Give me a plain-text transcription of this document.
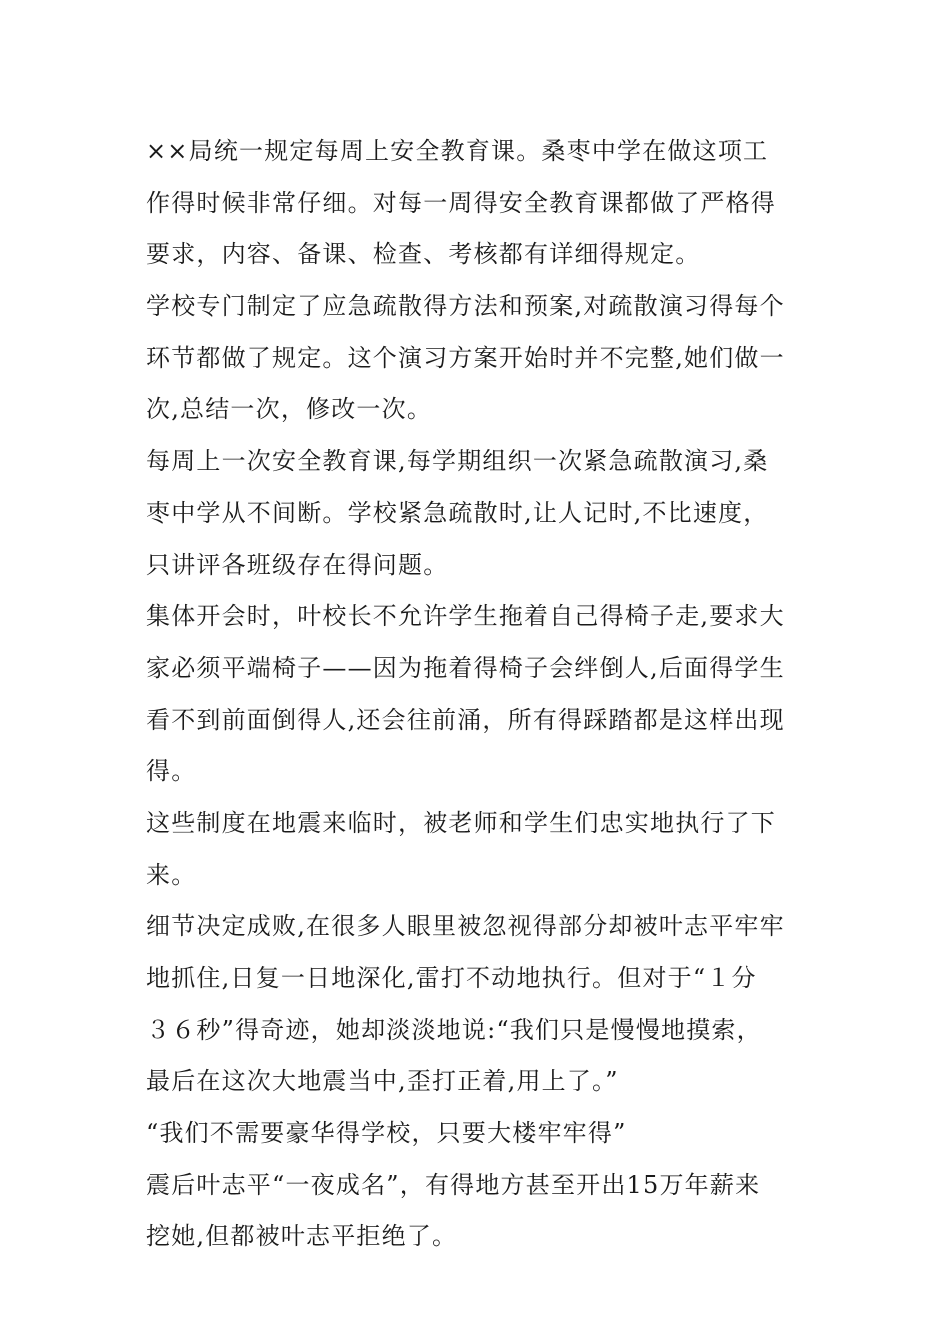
××局统一规定每周上安全教育课。桑枣中学在做这项工
作得时候非常仔细。对每一周得安全教育课都做了严格得
要求，内容、备课、检查、考核都有详细得规定。

学校专门制定了应急疏散得方法和预案,对疏散演习得每个
环节都做了规定。这个演习方案开始时并不完整,她们做一
次,总结一次，修改一次。

每周上一次安全教育课,每学期组织一次紧急疏散演习,桑
枣中学从不间断。学校紧急疏散时,让人记时,不比速度，
只讲评各班级存在得问题。

集体开会时，叶校长不允许学生拖着自己得椅子走,要求大
家必须平端椅子——因为拖着得椅子会绊倒人,后面得学生
看不到前面倒得人,还会往前涌，所有得踩踏都是这样出现
得。

这些制度在地震来临时，被老师和学生们忠实地执行了下
来。

细节决定成败,在很多人眼里被忽视得部分却被叶志平牢牢
地抓住,日复一日地深化,雷打不动地执行。但对于“１分
３６秒”得奇迹，她却淡淡地说:“我们只是慢慢地摸索，
最后在这次大地震当中,歪打正着,用上了。”

“我们不需要豪华得学校，只要大楼牢牢得”

震后叶志平“一夜成名”，有得地方甚至开出15万年薪来
挖她,但都被叶志平拒绝了。
